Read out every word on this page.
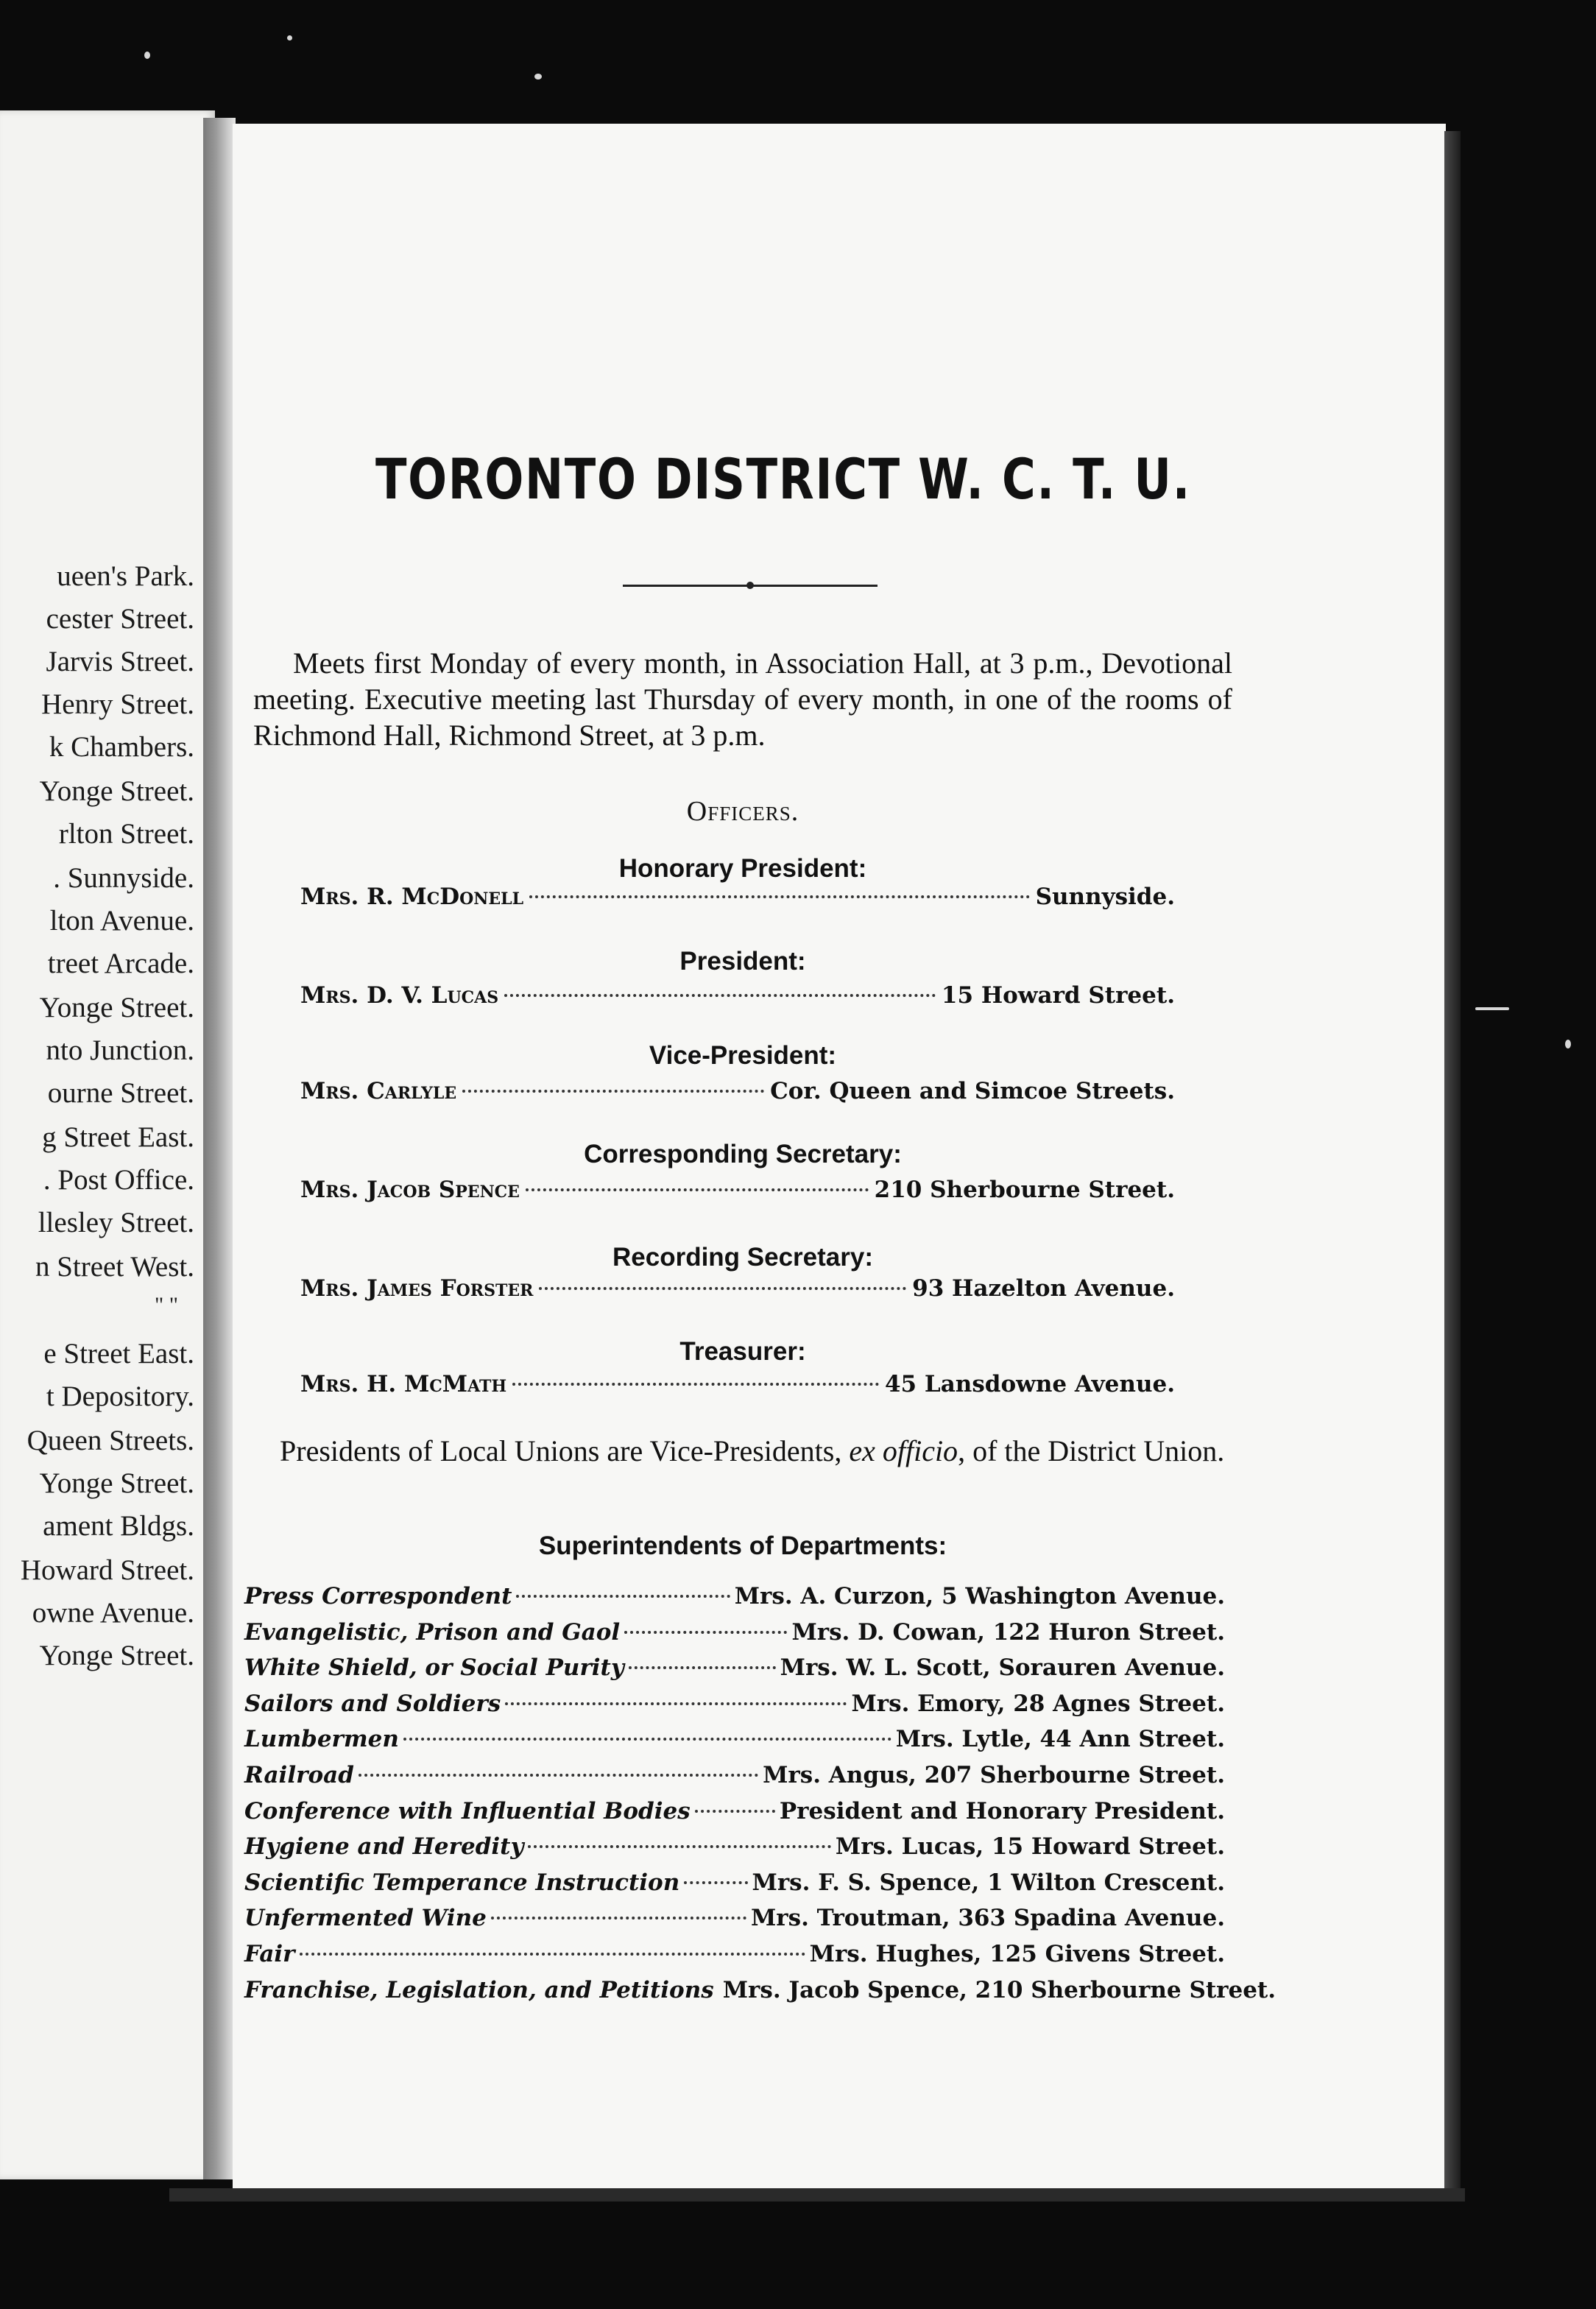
ueen's Park.
cester Street.
Jarvis Street.
Henry Street.
k Chambers.
Yonge Street.
rlton Street.
. Sunnyside.
lton Avenue.
treet Arcade.
Yonge Street.
nto Junction.
ourne Street.
g Street East.
. Post Office.
llesley Street.
n Street West.
" "
e Street East.
t Depository.
Queen Streets.
Yonge Street.
ament Bldgs.
Howard Street.
owne Avenue.
Yonge Street.
TORONTO DISTRICT W. C. T. U.
Meets first Monday of every month, in Association Hall, at 3 p.m., Devotional meeting. Executive meeting last Thursday of every month, in one of the rooms of Richmond Hall, Richmond Street, at 3 p.m.
Officers.
Honorary President:
Mrs. R. McDonell	Sunnyside.
President:
Mrs. D. V. Lucas	15 Howard Street.
Vice-President:
Mrs. Carlyle	Cor. Queen and Simcoe Streets.
Corresponding Secretary:
Mrs. Jacob Spence	210 Sherbourne Street.
Recording Secretary:
Mrs. James Forster	93 Hazelton Avenue.
Treasurer:
Mrs. H. McMath	45 Lansdowne Avenue.
Presidents of Local Unions are Vice-Presidents, ex officio, of the District Union.
Superintendents of Departments:
Press Correspondent	Mrs. A. Curzon, 5 Washington Avenue.
Evangelistic, Prison and Gaol	Mrs. D. Cowan, 122 Huron Street.
White Shield, or Social Purity	Mrs. W. L. Scott, Sorauren Avenue.
Sailors and Soldiers	Mrs. Emory, 28 Agnes Street.
Lumbermen	Mrs. Lytle, 44 Ann Street.
Railroad	Mrs. Angus, 207 Sherbourne Street.
Conference with Influential Bodies	President and Honorary President.
Hygiene and Heredity	Mrs. Lucas, 15 Howard Street.
Scientific Temperance Instruction	Mrs. F. S. Spence, 1 Wilton Crescent.
Unfermented Wine	Mrs. Troutman, 363 Spadina Avenue.
Fair	Mrs. Hughes, 125 Givens Street.
Franchise, Legislation, and Petitions Mrs. Jacob Spence, 210 Sherbourne Street.
